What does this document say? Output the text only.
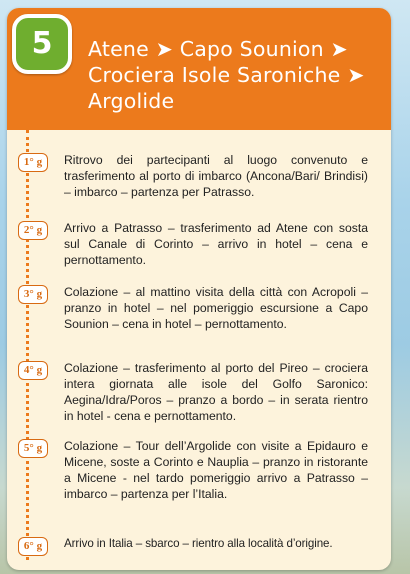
5 Atene ➤ Capo Sounion ➤
Crociera Isole Saroniche ➤
Argolide
1° g	Ritrovo dei partecipanti al luogo convenuto e trasferimento al porto di imbarco (Ancona/Bari/ Brindisi) – imbarco – partenza per Patrasso.
2° g	Arrivo a Patrasso – trasferimento ad Atene con sosta sul Canale di Corinto – arrivo in hotel – cena e pernottamento.
3° g	Colazione – al mattino visita della città con Acropoli – pranzo in hotel – nel pomeriggio escursione a Capo Sounion – cena in hotel – pernottamento.
4° g	Colazione – trasferimento al porto del Pireo – crociera intera giornata alle isole del Golfo Saronico: Aegina/Idra/Poros – pranzo a bordo – in serata rientro in hotel - cena e pernottamento.
5° g	Colazione – Tour dell’Argolide con visite a Epidauro e Micene, soste a Corinto e Nauplia – pranzo in ristorante a Micene - nel tardo pomeriggio arrivo a Patrasso – imbarco – partenza per l’Italia.
6° g	Arrivo in Italia – sbarco – rientro alla località d’origine.
